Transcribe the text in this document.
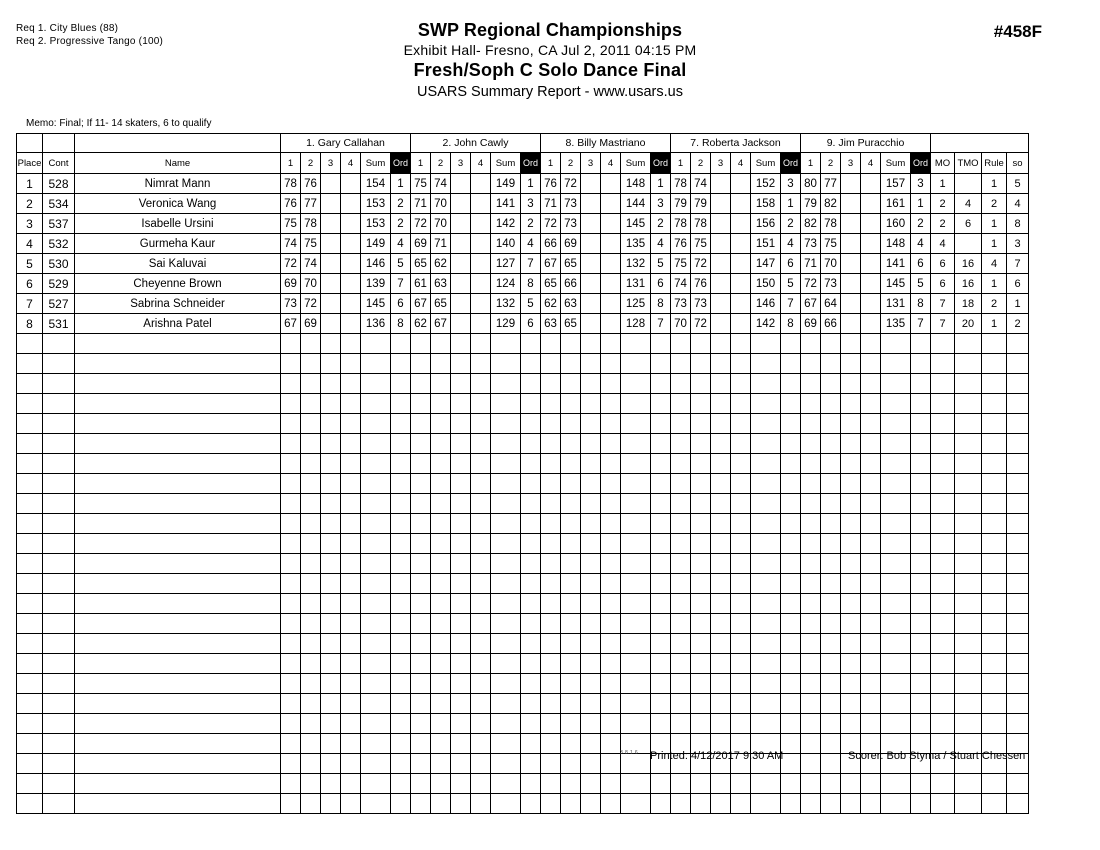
Req 1. City Blues (88)
Req 2. Progressive Tango (100)
SWP Regional Championships
Exhibit Hall- Fresno, CA Jul 2, 2011 04:15 PM
Fresh/Soph C Solo Dance Final
USARS Summary Report - www.usars.us
#458F
Memo: Final; If 11- 14 skaters, 6 to qualify
			1. Gary Callahan						2. John Cawly						8. Billy Mastriano						7. Roberta Jackson						9. Jim Puracchio									
Place	Cont	Name	1	2	3	4	Sum	Ord	1	2	3	4	Sum	Ord	1	2	3	4	Sum	Ord	1	2	3	4	Sum	Ord	1	2	3	4	Sum	Ord	MO	TMO	Rule	so
1	528	Nimrat Mann	78	76			154	1	75	74			149	1	76	72			148	1	78	74			152	3	80	77			157	3	1		1	5
2	534	Veronica Wang	76	77			153	2	71	70			141	3	71	73			144	3	79	79			158	1	79	82			161	1	2	4	2	4
3	537	Isabelle Ursini	75	78			153	2	72	70			142	2	72	73			145	2	78	78			156	2	82	78			160	2	2	6	1	8
4	532	Gurmeha Kaur	74	75			149	4	69	71			140	4	66	69			135	4	76	75			151	4	73	75			148	4	4		1	3
5	530	Sai Kaluvai	72	74			146	5	65	62			127	7	67	65			132	5	75	72			147	6	71	70			141	6	6	16	4	7
6	529	Cheyenne Brown	69	70			139	7	61	63			124	8	65	66			131	6	74	76			150	5	72	73			145	5	6	16	1	6
7	527	Sabrina Schneider	73	72			145	6	67	65			132	5	62	63			125	8	73	73			146	7	67	64			131	8	7	18	2	1
8	531	Arishna Patel	67	69			136	8	62	67			129	6	63	65			128	7	70	72			142	8	69	66			135	7	7	20	1	2

3.8.1.6 Printed: 4/12/2017 9:30 AM	Scorer: Bob Styma / Stuart Chessen
